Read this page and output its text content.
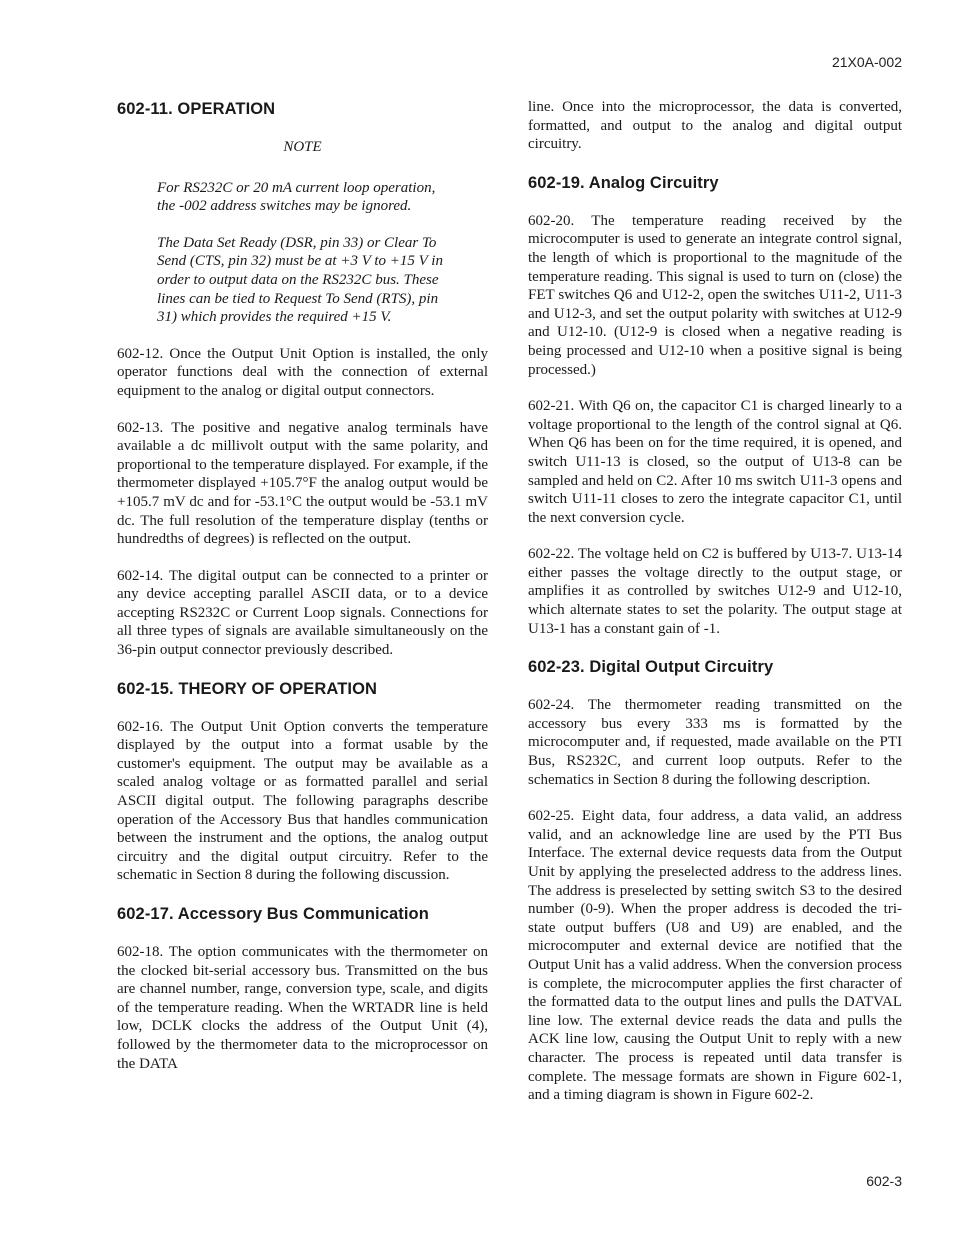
21X0A-002
602-11. OPERATION
NOTE
For RS232C or 20 mA current loop operation, the -002 address switches may be ignored.
The Data Set Ready (DSR, pin 33) or Clear To Send (CTS, pin 32) must be at +3 V to +15 V in order to output data on the RS232C bus. These lines can be tied to Request To Send (RTS), pin 31) which provides the required +15 V.
602-12. Once the Output Unit Option is installed, the only operator functions deal with the connection of external equipment to the analog or digital output connectors.
602-13. The positive and negative analog terminals have available a dc millivolt output with the same polarity, and proportional to the temperature displayed. For example, if the thermometer displayed +105.7°F the analog output would be +105.7 mV dc and for -53.1°C the output would be -53.1 mV dc. The full resolution of the temperature display (tenths or hundredths of degrees) is reflected on the output.
602-14. The digital output can be connected to a printer or any device accepting parallel ASCII data, or to a device accepting RS232C or Current Loop signals. Connections for all three types of signals are available simultaneously on the 36-pin output connector previously described.
602-15. THEORY OF OPERATION
602-16. The Output Unit Option converts the temperature displayed by the output into a format usable by the customer's equipment. The output may be available as a scaled analog voltage or as formatted parallel and serial ASCII digital output. The following paragraphs describe operation of the Accessory Bus that handles communication between the instrument and the options, the analog output circuitry and the digital output circuitry. Refer to the schematic in Section 8 during the following discussion.
602-17. Accessory Bus Communication
602-18. The option communicates with the thermometer on the clocked bit-serial accessory bus. Transmitted on the bus are channel number, range, conversion type, scale, and digits of the temperature reading. When the WRTADR line is held low, DCLK clocks the address of the Output Unit (4), followed by the thermometer data to the microprocessor on the DATA
line. Once into the microprocessor, the data is converted, formatted, and output to the analog and digital output circuitry.
602-19. Analog Circuitry
602-20. The temperature reading received by the microcomputer is used to generate an integrate control signal, the length of which is proportional to the magnitude of the temperature reading. This signal is used to turn on (close) the FET switches Q6 and U12-2, open the switches U11-2, U11-3 and U12-3, and set the output polarity with switches at U12-9 and U12-10. (U12-9 is closed when a negative reading is being processed and U12-10 when a positive signal is being processed.)
602-21. With Q6 on, the capacitor C1 is charged linearly to a voltage proportional to the length of the control signal at Q6. When Q6 has been on for the time required, it is opened, and switch U11-13 is closed, so the output of U13-8 can be sampled and held on C2. After 10 ms switch U11-3 opens and switch U11-11 closes to zero the integrate capacitor C1, until the next conversion cycle.
602-22. The voltage held on C2 is buffered by U13-7. U13-14 either passes the voltage directly to the output stage, or amplifies it as controlled by switches U12-9 and U12-10, which alternate states to set the polarity. The output stage at U13-1 has a constant gain of -1.
602-23. Digital Output Circuitry
602-24. The thermometer reading transmitted on the accessory bus every 333 ms is formatted by the microcomputer and, if requested, made available on the PTI Bus, RS232C, and current loop outputs. Refer to the schematics in Section 8 during the following description.
602-25. Eight data, four address, a data valid, an address valid, and an acknowledge line are used by the PTI Bus Interface. The external device requests data from the Output Unit by applying the preselected address to the address lines. The address is preselected by setting switch S3 to the desired number (0-9). When the proper address is decoded the tri-state output buffers (U8 and U9) are enabled, and the microcomputer and external device are notified that the Output Unit has a valid address. When the conversion process is complete, the microcomputer applies the first character of the formatted data to the output lines and pulls the DATVAL line low. The external device reads the data and pulls the ACK line low, causing the Output Unit to reply with a new character. The process is repeated until data transfer is complete. The message formats are shown in Figure 602-1, and a timing diagram is shown in Figure 602-2.
602-3
